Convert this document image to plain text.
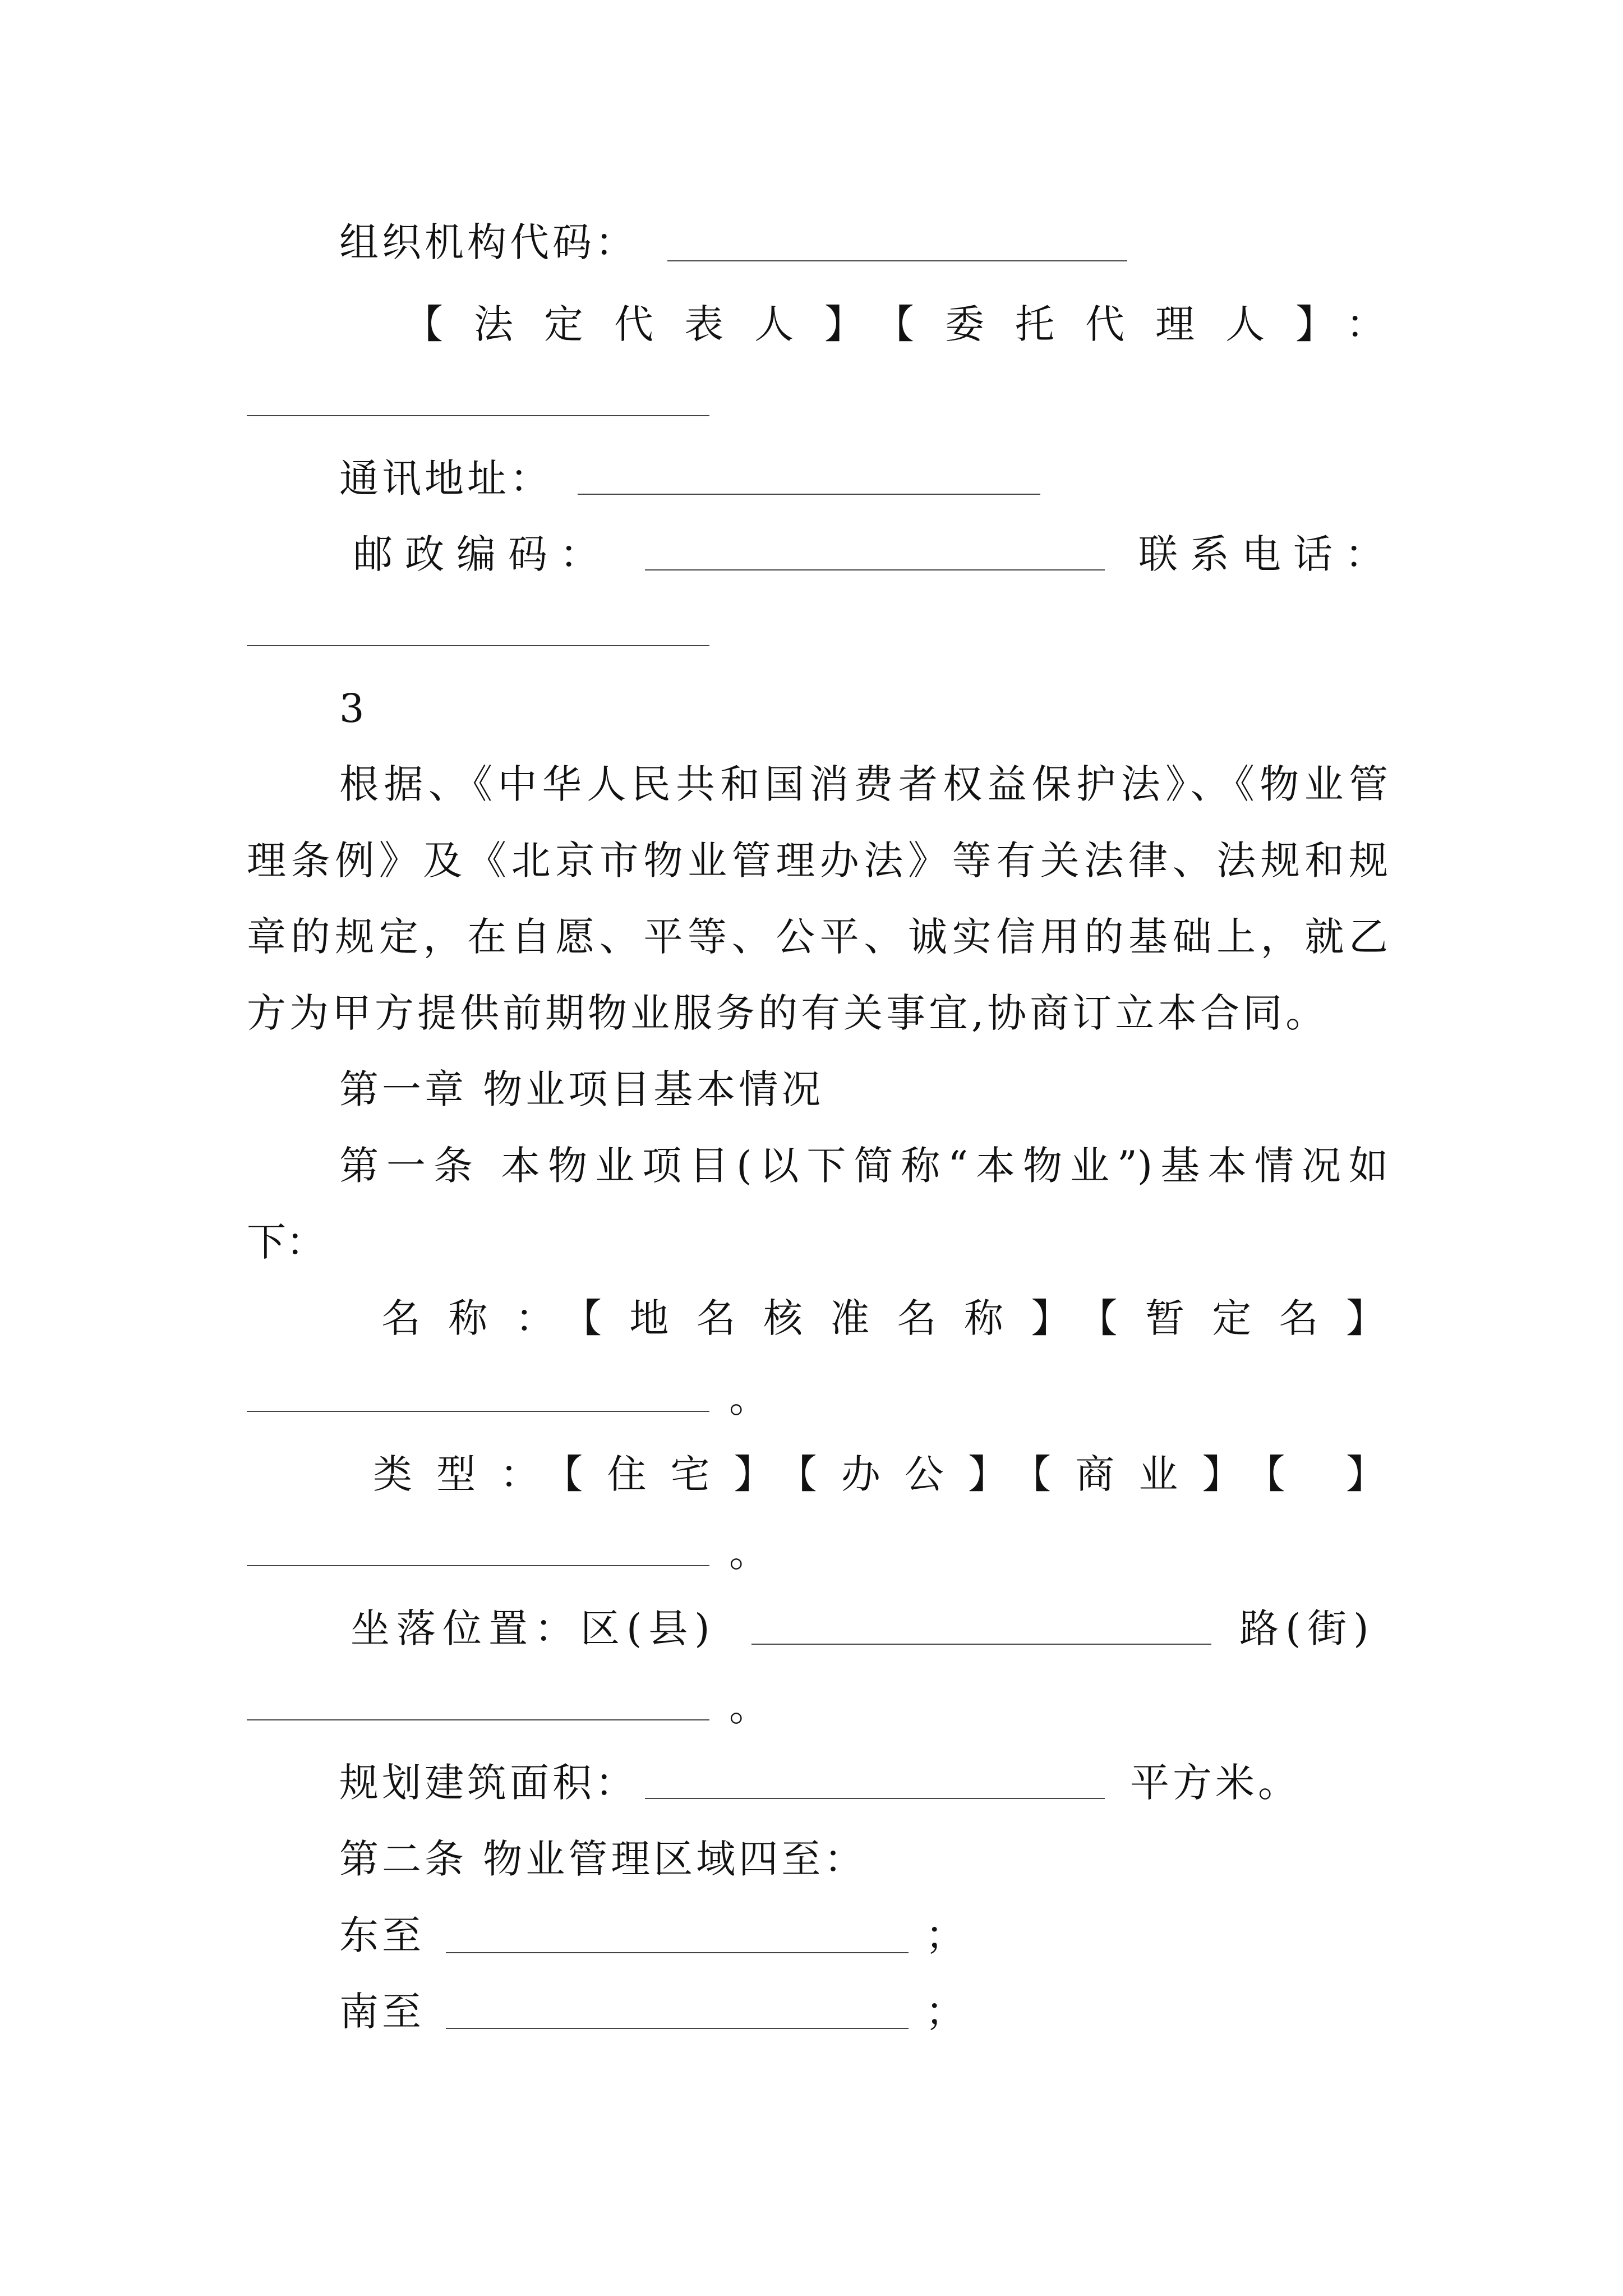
组织机构代码：
【法定代表人】【委托代理人】：
通讯地址：
邮政编码：	联系电话：
3
根据、《中华人民共和国消费者权益保护法》、《物业管
理条例》及《北京市物业管理办法》等有关法律、法规和规
章的规定，在自愿、平等、公平、诚实信用的基础上，就乙
方为甲方提供前期物业服务的有关事宜,协商订立本合同。
第一章 物业项目基本情况
第一条 本物业项目(以下简称“本物业”)基本情况如
下：
名称：【地名核准名称】【暂定名】
。
类型：【住宅】【办公】【商业】【 】
。
坐落位置：区(县)	路(街)
。
规划建筑面积：	平方米。
第二条 物业管理区域四至：
东至	；
南至	；
